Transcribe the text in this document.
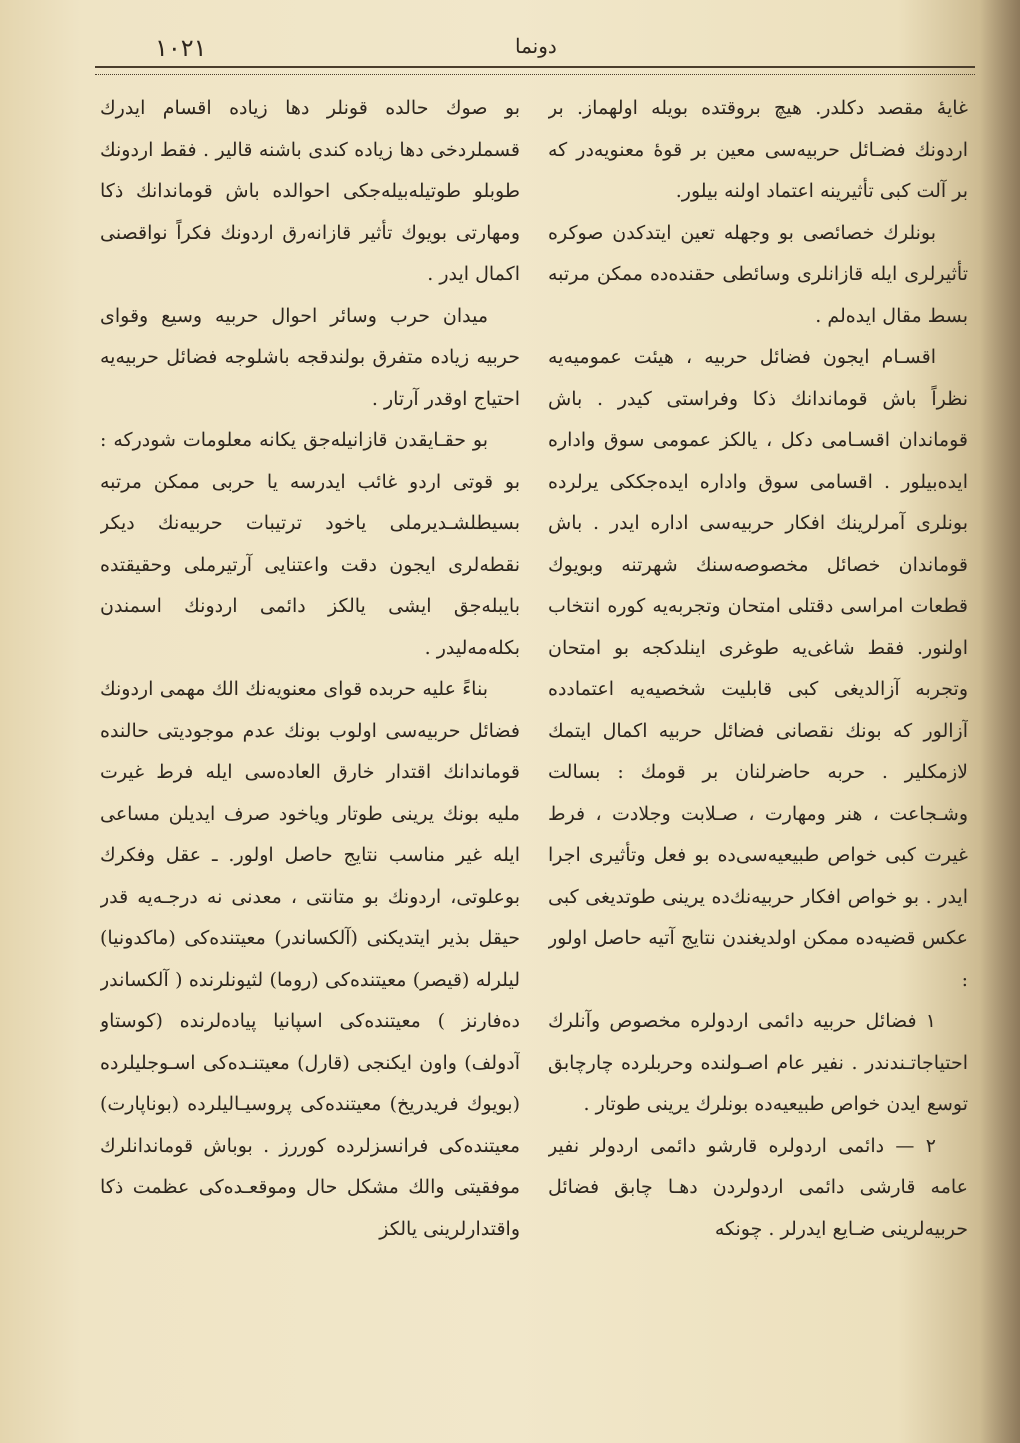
دونما
١٠٢١

غايهٔ مقصد دكلدر. هيچ بروقتده بويله اولهماز. بر اردونك فضـائل حربيه‌سى معين بر قوهٔ معنويه‌در كه بر آلت كبى تأثيرينه اعتماد اولنه بيلور.

بونلرك خصائصى بو وجهله تعين ايتدكدن صوكره تأثيرلرى ايله قازانلرى وسائطى حقنده‌ده ممكن مرتبه بسط مقال ايده‌لم .

اقسـام ايجون فضائل حربيه ، هيئت عموميه‌يه نظراً باش قوماندانك ذكا وفراستى كيدر . باش قوماندان اقسـامى دكل ، يالكز عمومى سوق واداره ايده‌بيلور . اقسامى سوق واداره ايده‌جككى يرلرده بونلرى آمرلرينك افكار حربيه‌سى اداره ايدر . باش قوماندان خصائل مخصوصه‌سنك شهرتنه وبويوك قطعات امراسى دقتلى امتحان وتجربه‌يه كوره انتخاب اولنور. فقط شاغى‌يه طوغرى اينلدكجه بو امتحان وتجربه آزالديغى كبى قابليت شخصيه‌يه اعتمادده آزالور كه بونك نقصانى فضائل حربيه اكمال ايتمك لازمكلير . حربه حاضرلنان بر قومك : بسالت وشـجاعت ، هنر ومهارت ، صـلابت وجلادت ، فرط غيرت كبى خواص طبيعيه‌سى‌ده بو فعل وتأثيرى اجرا ايدر . بو خواص افكار حربيه‌نك‌ده يرينى طوتديغى كبى عكس قضيه‌ده ممكن اولديغندن نتايج آتيه حاصل اولور :

١ فضائل حربيه دائمى اردولره مخصوص وآنلرك احتياجاتـندندر . نفير عام اصـولنده وحربلرده چارچابق توسع ايدن خواص طبيعيه‌ده بونلرك يرينى طوتار .

٢ — دائمى اردولره قارشو دائمى اردولر نفير عامه قارشى دائمى اردولردن دهـا چابق فضائل حربيه‌لرينى ضـايع ايدرلر . چونكه

بو صوك حالده قونلر دها زياده اقسام ايدرك قسملردخى دها زياده كندى باشنه قالير . فقط اردونك طوبلو طوتيله‌بيله‌جكى احوالده باش قوماندانك ذكا ومهارتى بويوك تأثير قازانه‌رق اردونك فكراً نواقصنى اكمال ايدر .

ميدان حرب وسائر احوال حربيه وسيع وقواى حربيه زياده متفرق بولندقجه باشلوجه فضائل حربيه‌يه احتياج اوقدر آرتار .

بو حقـايقدن قازانيله‌جق يكانه معلومات شودركه : بو قوتى اردو غائب ايدرسه يا حربى ممكن مرتبه بسيطلشـديرملى ياخود ترتيبات حربيه‌نك ديكر نقطه‌لرى ايجون دقت واعتنايى آرتيرملى وحقيقتده بايبله‌جق ايشى يالكز دائمى اردونك اسمندن بكله‌مه‌ليدر .

بناءً عليه حربده قواى معنويه‌نك الك مهمى اردونك فضائل حربيه‌سى اولوب بونك عدم موجوديتى حالنده قوماندانك اقتدار خارق العاده‌سى ايله فرط غيرت مليه بونك يرينى طوتار وياخود صرف ايديلن مساعى ايله غير مناسب نتايج حاصل اولور. ـ عقل وفكرك بوعلوتى، اردونك بو متانتى ، معدنى نه درجـه‌يه قدر حيقل بذير ايتديكنى (آلكساندر) معيتنده‌كى (ماكدونيا) ليلرله (قيصر) معيتنده‌كى (روما) لثيونلرنده ( آلكساندر ده‌فارنز ) معيتنده‌كى اسپانيا پياده‌لرنده (كوستاو آدولف) واون ايكنجى (قارل) معيتنـده‌كى اسـوجليلرده (بويوك فريدريخ) معيتنده‌كى پروسيـاليلرده (بوناپارت) معيتنده‌كى فرانسزلرده كوررز . بوباش قوماندانلرك موفقيتى والك مشكل حال وموقعـده‌كى عظمت ذكا واقتدارلرينى يالكز
